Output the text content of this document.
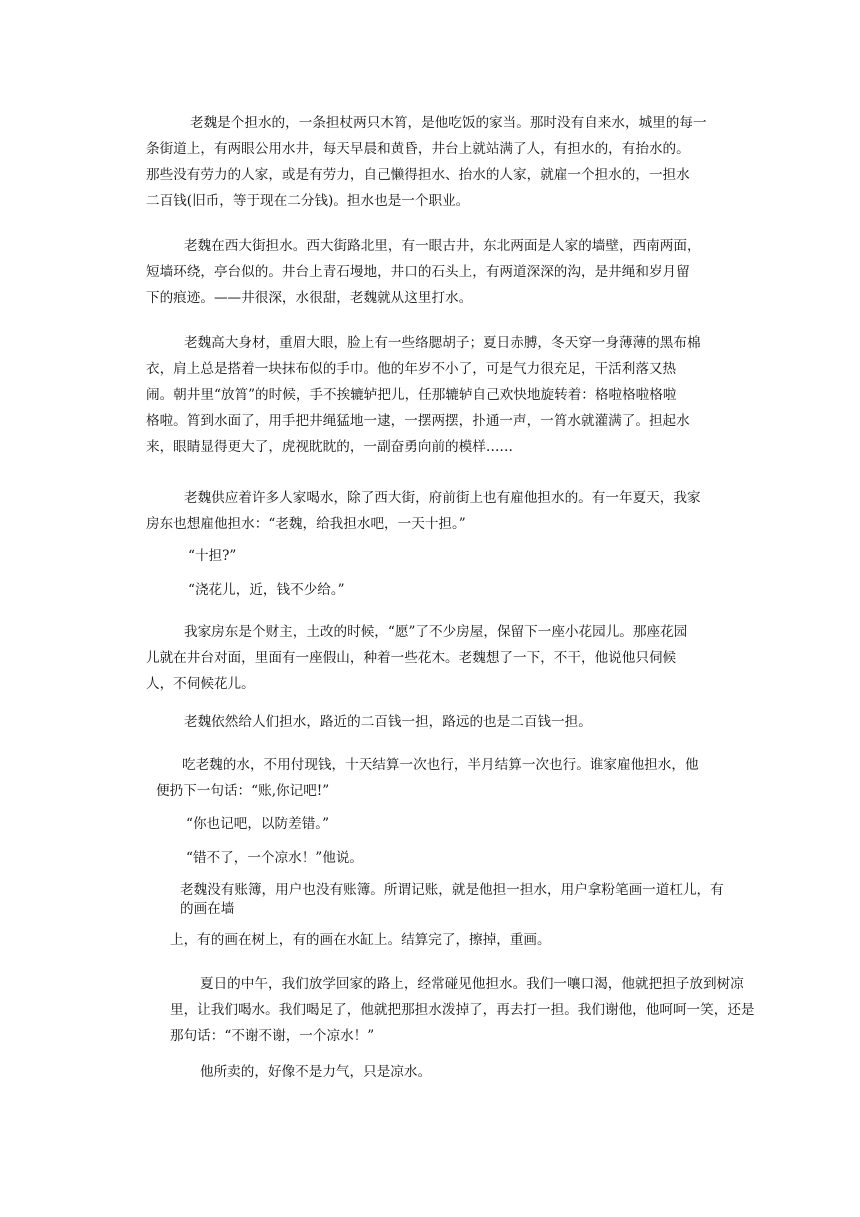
老魏是个担水的，一条担杖两只木筲，是他吃饭的家当。那时没有自来水，城里的每一
条街道上，有两眼公用水井，每天早晨和黄昏，井台上就站满了人，有担水的，有抬水的。
那些没有劳力的人家，或是有劳力，自己懒得担水、抬水的人家，就雇一个担水的，一担水
二百钱(旧币，等于现在二分钱)。担水也是一个职业。
老魏在西大街担水。西大街路北里，有一眼古井，东北两面是人家的墙壁，西南两面，
短墙环绕，亭台似的。井台上青石墁地，井口的石头上，有两道深深的沟，是井绳和岁月留
下的痕迹。——井很深，水很甜，老魏就从这里打水。
老魏高大身材，重眉大眼，脸上有一些络腮胡子；夏日赤膊，冬天穿一身薄薄的黑布棉
衣，肩上总是搭着一块抹布似的手巾。他的年岁不小了，可是气力很充足，干活利落又热
闹。朝井里“放筲”的时候，手不挨辘轳把儿，任那辘轳自己欢快地旋转着：格啦格啦格啦
格啦。筲到水面了，用手把井绳猛地一逮，一摆两摆，扑通一声，一筲水就灌满了。担起水
来，眼睛显得更大了，虎视眈眈的，一副奋勇向前的模样……
老魏供应着许多人家喝水，除了西大街，府前街上也有雇他担水的。有一年夏天，我家
房东也想雇他担水：“老魏，给我担水吧，一天十担。”
“十担?”
“浇花儿，近，钱不少给。”
我家房东是个财主，土改的时候，“愿”了不少房屋，保留下一座小花园儿。那座花园
儿就在井台对面，里面有一座假山，种着一些花木。老魏想了一下，不干，他说他只伺候
人，不伺候花儿。
老魏依然给人们担水，路近的二百钱一担，路远的也是二百钱一担。
吃老魏的水，不用付现钱，十天结算一次也行，半月结算一次也行。谁家雇他担水，他
便扔下一句话：“账,你记吧!”
“你也记吧，以防差错。”
“错不了，一个凉水！”他说。
老魏没有账簿，用户也没有账簿。所谓记账，就是他担一担水，用户拿粉笔画一道杠儿，有
的画在墙
上，有的画在树上，有的画在水缸上。结算完了，擦掉，重画。
夏日的中午，我们放学回家的路上，经常碰见他担水。我们一嚷口渴，他就把担子放到树凉
里，让我们喝水。我们喝足了，他就把那担水泼掉了，再去打一担。我们谢他，他呵呵一笑，还是
那句话：“不谢不谢，一个凉水！”
他所卖的，好像不是力气，只是凉水。
